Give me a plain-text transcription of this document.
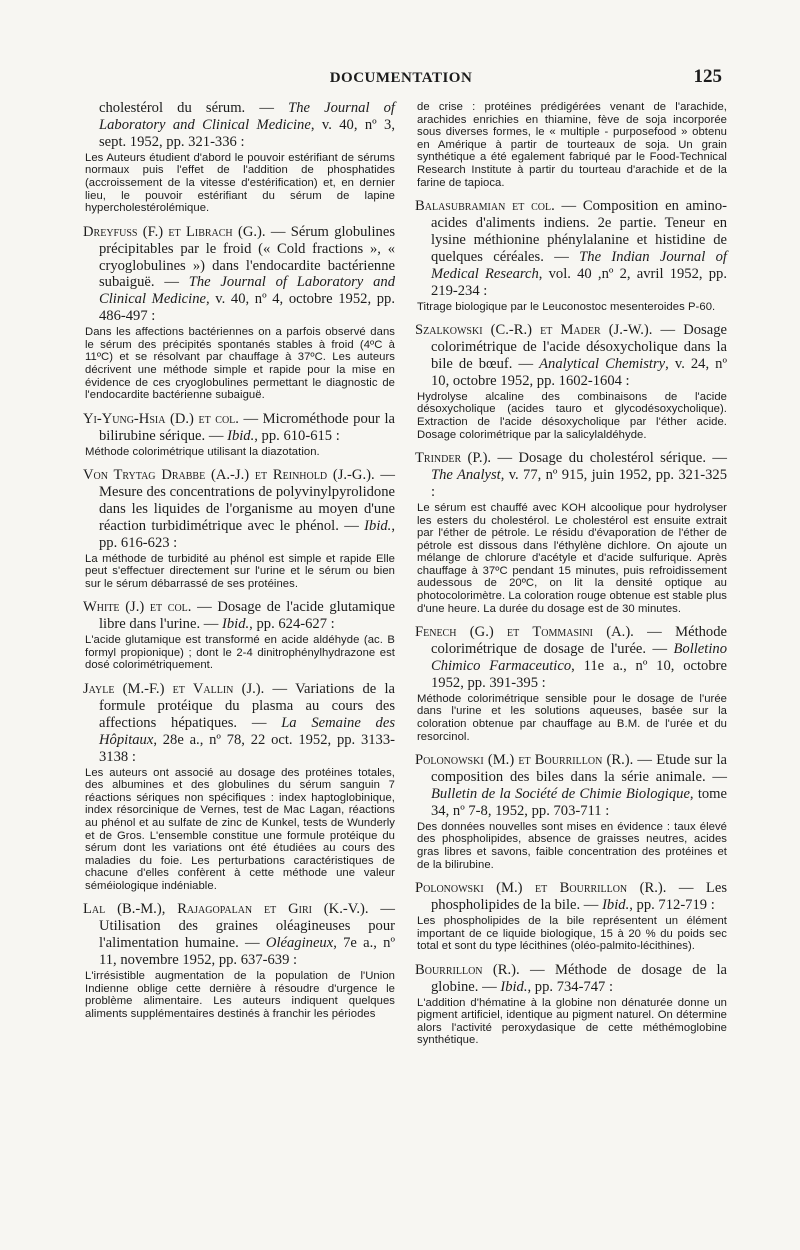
DOCUMENTATION	125

cholestérol du sérum. — The Journal of Laboratory and Clinical Medicine, v. 40, nº 3, sept. 1952, pp. 321-336 :

Les Auteurs étudient d'abord le pouvoir estérifiant de sérums normaux puis l'effet de l'addition de phosphatides (accroissement de la vitesse d'estérification) et, en dernier lieu, le pouvoir estérifiant du sérum de lapine hypercholestérolémique.

Dreyfuss (F.) et Librach (G.). — Sérum globulines précipitables par le froid (« Cold fractions », « cryoglobulines ») dans l'endocardite bactérienne subaiguë. — The Journal of Laboratory and Clinical Medicine, v. 40, nº 4, octobre 1952, pp. 486-497 :

Dans les affections bactériennes on a parfois observé dans le sérum des précipités spontanés stables à froid (4ºC à 11ºC) et se résolvant par chauffage à 37ºC. Les auteurs décrivent une méthode simple et rapide pour la mise en évidence de ces cryoglobulines permettant le diagnostic de l'endocardite bactérienne subaiguë.

Yi-Yung-Hsia (D.) et col. — Microméthode pour la bilirubine sérique. — Ibid., pp. 610-615 :

Méthode colorimétrique utilisant la diazotation.

Von Trytag Drabbe (A.-J.) et Reinhold (J.-G.). — Mesure des concentrations de polyvinylpyrolidone dans les liquides de l'organisme au moyen d'une réaction turbidimétrique avec le phénol. — Ibid., pp. 616-623 :

La méthode de turbidité au phénol est simple et rapide Elle peut s'effectuer directement sur l'urine et le sérum ou bien sur le sérum débarrassé de ses protéines.

White (J.) et col. — Dosage de l'acide glutamique libre dans l'urine. — Ibid., pp. 624-627 :

L'acide glutamique est transformé en acide aldéhyde (ac. B formyl propionique) ; dont le 2-4 dinitrophénylhydrazone est dosé colorimétriquement.

Jayle (M.-F.) et Vallin (J.). — Variations de la formule protéique du plasma au cours des affections hépatiques. — La Semaine des Hôpitaux, 28e a., nº 78, 22 oct. 1952, pp. 3133-3138 :

Les auteurs ont associé au dosage des protéines totales, des albumines et des globulines du sérum sanguin 7 réactions sériques non spécifiques : index haptoglobinique, index résorcinique de Vernes, test de Mac Lagan, réactions au phénol et au sulfate de zinc de Kunkel, tests de Wunderly et de Gros. L'ensemble constitue une formule protéique du sérum dont les variations ont été étudiées au cours des maladies du foie. Les perturbations caractéristiques de chacune d'elles confèrent à cette méthode une valeur séméiologique indéniable.

Lal (B.-M.), Rajagopalan et Giri (K.-V.). — Utilisation des graines oléagineuses pour l'alimentation humaine. — Oléagineux, 7e a., nº 11, novembre 1952, pp. 637-639 :

L'irrésistible augmentation de la population de l'Union Indienne oblige cette dernière à résoudre d'urgence le problème alimentaire. Les auteurs indiquent quelques aliments supplémentaires destinés à franchir les périodes

de crise : protéines prédigérées venant de l'arachide, arachides enrichies en thiamine, fève de soja incorporée sous diverses formes, le « multiple - purposefood » obtenu en Amérique à partir de tourteaux de soja. Un grain synthétique a été egalement fabriqué par le Food-Technical Research Institute à partir du tourteau d'arachide et de la farine de tapioca.

Balasubramian et col. — Composition en amino-acides d'aliments indiens. 2e partie. Teneur en lysine méthionine phénylalanine et histidine de quelques céréales. — The Indian Journal of Medical Research, vol. 40 ,nº 2, avril 1952, pp. 219-234 :

Titrage biologique par le Leuconostoc mesenteroides P-60.

Szalkowski (C.-R.) et Mader (J.-W.). — Dosage colorimétrique de l'acide désoxycholique dans la bile de bœuf. — Analytical Chemistry, v. 24, nº 10, octobre 1952, pp. 1602-1604 :

Hydrolyse alcaline des combinaisons de l'acide désoxycholique (acides tauro et glycodésoxycholique). Extraction de l'acide désoxycholique par l'éther acide. Dosage colorimétrique par la salicylaldéhyde.

Trinder (P.). — Dosage du cholestérol sérique. — The Analyst, v. 77, nº 915, juin 1952, pp. 321-325 :

Le sérum est chauffé avec KOH alcoolique pour hydrolyser les esters du cholestérol. Le cholestérol est ensuite extrait par l'éther de pétrole. Le résidu d'évaporation de l'éther de pétrole est dissous dans l'éthylène dichlore. On ajoute un mélange de chlorure d'acétyle et d'acide sulfurique. Après chauffage à 37ºC pendant 15 minutes, puis refroidissement audessous de 20ºC, on lit la densité optique au photocolorimètre. La coloration rouge obtenue est stable plus d'une heure. La durée du dosage est de 30 minutes.

Fenech (G.) et Tommasini (A.). — Méthode colorimétrique de dosage de l'urée. — Bolletino Chimico Farmaceutico, 11e a., nº 10, octobre 1952, pp. 391-395 :

Méthode colorimétrique sensible pour le dosage de l'urée dans l'urine et les solutions aqueuses, basée sur la coloration obtenue par chauffage au B.M. de l'urée et du resorcinol.

Polonowski (M.) et Bourrillon (R.). — Etude sur la composition des biles dans la série animale. — Bulletin de la Société de Chimie Biologique, tome 34, nº 7-8, 1952, pp. 703-711 :

Des données nouvelles sont mises en évidence : taux élevé des phospholipides, absence de graisses neutres, acides gras libres et savons, faible concentration des protéines et de la bilirubine.

Polonowski (M.) et Bourrillon (R.). — Les phospholipides de la bile. — Ibid., pp. 712-719 :

Les phospholipides de la bile représentent un élément important de ce liquide biologique, 15 à 20 % du poids sec total et sont du type lécithines (oléo-palmito-lécithines).

Bourrillon (R.). — Méthode de dosage de la globine. — Ibid., pp. 734-747 :

L'addition d'hématine à la globine non dénaturée donne un pigment artificiel, identique au pigment naturel. On détermine alors l'activité peroxydasique de cette méthémoglobine synthétique.
